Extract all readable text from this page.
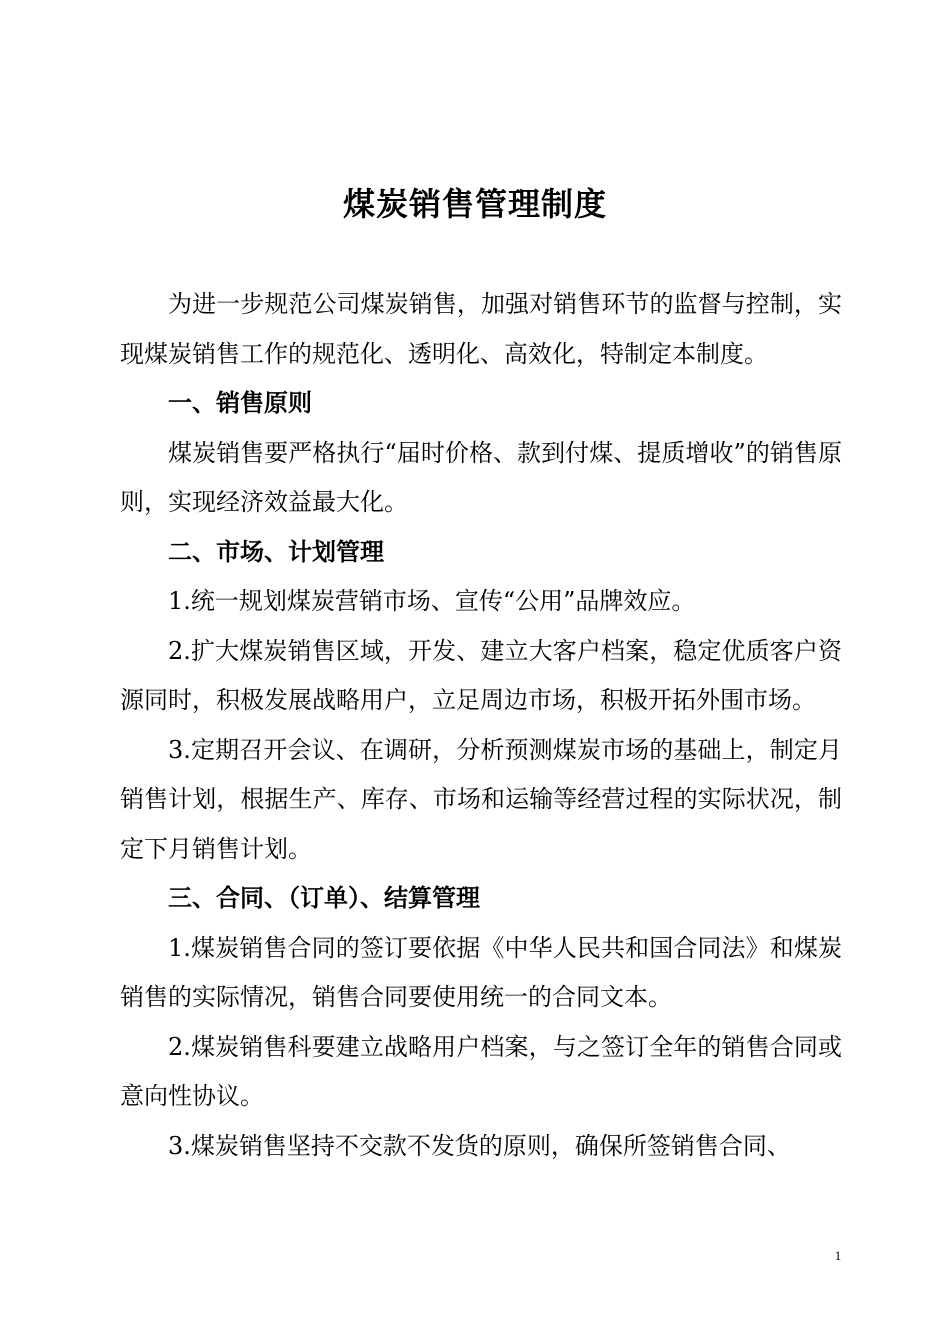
煤炭销售管理制度

为进一步规范公司煤炭销售，加强对销售环节的监督与控制，实现煤炭销售工作的规范化、透明化、高效化，特制定本制度。

一、销售原则

煤炭销售要严格执行“届时价格、款到付煤、提质增收”的销售原则，实现经济效益最大化。

二、市场、计划管理

1.统一规划煤炭营销市场、宣传“公用”品牌效应。

2.扩大煤炭销售区域，开发、建立大客户档案，稳定优质客户资源同时，积极发展战略用户，立足周边市场，积极开拓外围市场。

3.定期召开会议、在调研，分析预测煤炭市场的基础上，制定月销售计划，根据生产、库存、市场和运输等经营过程的实际状况，制定下月销售计划。

三、合同、（订单）、结算管理

1.煤炭销售合同的签订要依据《中华人民共和国合同法》和煤炭销售的实际情况，销售合同要使用统一的合同文本。

2.煤炭销售科要建立战略用户档案，与之签订全年的销售合同或意向性协议。

3.煤炭销售坚持不交款不发货的原则，确保所签销售合同、

1
